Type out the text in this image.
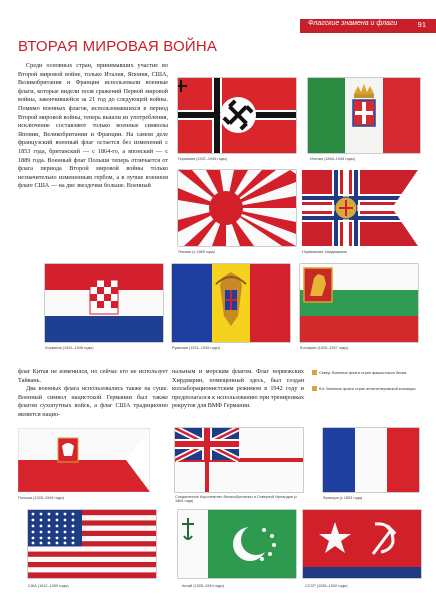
Флагские знамена и флаги	91
ВТОРАЯ МИРОВАЯ ВОЙНА

Среди основных стран, принимавших участие во Второй мировой войне, только Италия, Япония, США, Великобритания и Франция использовали военные флаги, которые видели поля сражений Первой мировой войны, закончившейся за 21 год до следующей войны. Помимо военных флагов, использовавшихся в период Второй мировой войны, теперь вышли из употребления, исключение составляют только военные символы Японии, Великобритании и Франции. На самом деле французский военный флаг остается без изменений с 1853 года, британский — с 1864-го, а японский — с 1889 года. Военный флаг Польши теперь отличается от флага периода Второй мировой войны только незначительно измененным гербом, а в лучше военном флаге США — на две звездочки больше. Военный

Германия (1937–1945 годы)	Италия (1848–1945 годы)
Япония (с 1889 года)	Норвежские Хирдмарины
Хорватия (1941–1945 годы)	Румыния (1921–1945 годы)	Болгария (1926–1947 годы)

флаг Китая не изменился, но сейчас его не использует Тайвань.

Два военных флага использовались также на суше. Военный символ нацистской Германии был также флагом сухопутных войск, а флаг США традиционно является нацио-

нальным и морским флагом. Флаг норвежских Хирдмарин, помещенный здесь, был создан коллаборационистским режимом в 1942 году и предполагался к использованию при тренировках рекрутов для ВМФ Германии.

Север: Военные флаги стран фашистского блока
Юг: Военные флаги стран антигитлеровской коалиции
Польша (1928–1945 годы)	Соединенное Королевство Великобритании и Северной Ирландии (с 1864 года)
Франция (с 1853 года)
США (1912–1959 годы)	Китай (1928–1949 годы)	СССР (1935–1992 годы)
